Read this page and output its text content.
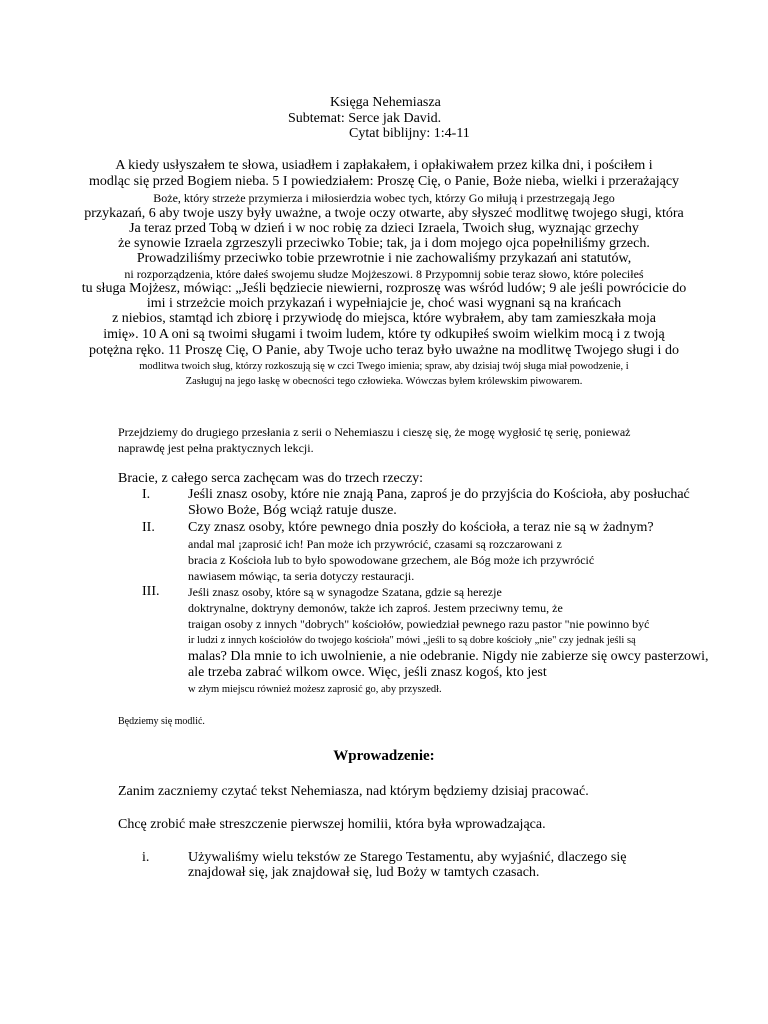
Księga Nehemiasza
Subtemat: Serce jak David.
Cytat biblijny: 1:4-11
A kiedy usłyszałem te słowa, usiadłem i zapłakałem, i opłakiwałem przez kilka dni, i pościłem i
modląc się przed Bogiem nieba. 5 I powiedziałem: Proszę Cię, o Panie, Boże nieba, wielki i przerażający
Boże, który strzeże przymierza i miłosierdzia wobec tych, którzy Go miłują i przestrzegają Jego
przykazań, 6 aby twoje uszy były uważne, a twoje oczy otwarte, aby słyszeć modlitwę twojego sługi, która
Ja teraz przed Tobą w dzień i w noc robię za dzieci Izraela, Twoich sług, wyznając grzechy
że synowie Izraela zgrzeszyli przeciwko Tobie; tak, ja i dom mojego ojca popełniliśmy grzech.
Prowadziliśmy przeciwko tobie przewrotnie i nie zachowaliśmy przykazań ani statutów,
ni rozporządzenia, które dałeś swojemu słudze Mojżeszowi. 8 Przypomnij sobie teraz słowo, które poleciłeś
tu sługa Mojżesz, mówiąc: „Jeśli będziecie niewierni, rozproszę was wśród ludów; 9 ale jeśli powrócicie do
imi i strzeżcie moich przykazań i wypełniajcie je, choć wasi wygnani są na krańcach
z niebios, stamtąd ich zbiorę i przywiodę do miejsca, które wybrałem, aby tam zamieszkała moja
imię». 10 A oni są twoimi sługami i twoim ludem, które ty odkupiłeś swoim wielkim mocą i z twoją
potężna ręko. 11 Proszę Cię, O Panie, aby Twoje ucho teraz było uważne na modlitwę Twojego sługi i do
modlitwa twoich sług, którzy rozkoszują się w czci Twego imienia; spraw, aby dzisiaj twój sługa miał powodzenie, i
Zasługuj na jego łaskę w obecności tego człowieka. Wówczas byłem królewskim piwowarem.
Przejdziemy do drugiego przesłania z serii o Nehemiaszu i cieszę się, że mogę wygłosić tę serię, ponieważ
naprawdę jest pełna praktycznych lekcji.
Bracie, z całego serca zachęcam was do trzech rzeczy:
I.	Jeśli znasz osoby, które nie znają Pana, zaproś je do przyjścia do Kościoła, aby posłuchać
Słowo Boże, Bóg wciąż ratuje dusze.
II. Czy znasz osoby, które pewnego dnia poszły do kościoła, a teraz nie są w żadnym?
andal mal ¡zaprosić ich! Pan może ich przywrócić, czasami są rozczarowani z
bracia z Kościoła lub to było spowodowane grzechem, ale Bóg może ich przywrócić
nawiasem mówiąc, ta seria dotyczy restauracji.
III. Jeśli znasz osoby, które są w synagodze Szatana, gdzie są herezje
doktrynalne, doktryny demonów, także ich zaproś. Jestem przeciwny temu, że
traigan osoby z innych "dobrych" kościołów, powiedział pewnego razu pastor "nie powinno być
ir ludzi z innych kościołów do twojego kościoła" mówi „jeśli to są dobre kościoły „nie" czy jednak jeśli są
malas? Dla mnie to ich uwolnienie, a nie odebranie. Nigdy nie zabierze się owcy pasterzowi,
ale trzeba zabrać wilkom owce. Więc, jeśli znasz kogoś, kto jest
w złym miejscu również możesz zaprosić go, aby przyszedł.
Będziemy się modlić.
Wprowadzenie:
Zanim zaczniemy czytać tekst Nehemiasza, nad którym będziemy dzisiaj pracować.
Chcę zrobić małe streszczenie pierwszej homilii, która była wprowadzająca.
i.	Używaliśmy wielu tekstów ze Starego Testamentu, aby wyjaśnić, dlaczego się
znajdował się, jak znajdował się, lud Boży w tamtych czasach.
